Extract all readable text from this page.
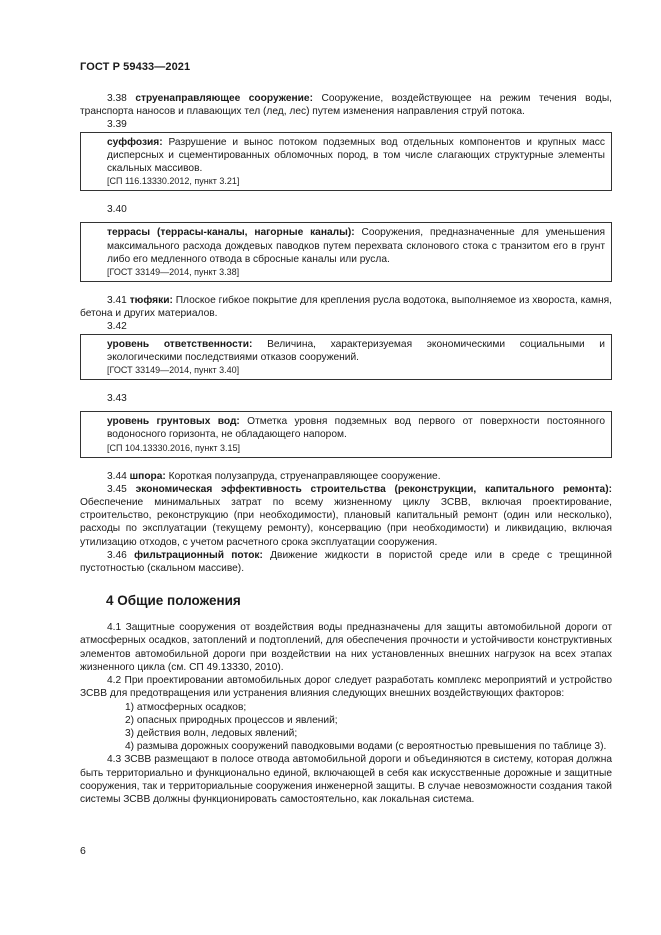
ГОСТ Р 59433—2021

3.38 струенаправляющее сооружение: Сооружение, воздействующее на режим течения воды, транспорта наносов и плавающих тел (лед, лес) путем изменения направления струй потока.

3.39

суффозия: Разрушение и вынос потоком подземных вод отдельных компонентов и крупных масс дисперсных и сцементированных обломочных пород, в том числе слагающих структурные элементы скальных массивов.

[СП 116.13330.2012, пункт 3.21]

3.40

террасы (террасы-каналы, нагорные каналы): Сооружения, предназначенные для уменьшения максимального расхода дождевых паводков путем перехвата склонового стока с транзитом его в грунт либо его медленного отвода в сбросные каналы или русла.

[ГОСТ 33149—2014, пункт 3.38]

3.41 тюфяки: Плоское гибкое покрытие для крепления русла водотока, выполняемое из хвороста, камня, бетона и других материалов.

3.42

уровень ответственности: Величина, характеризуемая экономическими социальными и экологическими последствиями отказов сооружений.

[ГОСТ 33149—2014, пункт 3.40]

3.43

уровень грунтовых вод: Отметка уровня подземных вод первого от поверхности постоянного водоносного горизонта, не обладающего напором.

[СП 104.13330.2016, пункт 3.15]

3.44 шпора: Короткая полузапруда, струенаправляющее сооружение.

3.45 экономическая эффективность строительства (реконструкции, капитального ремонта): Обеспечение минимальных затрат по всему жизненному циклу ЗСВВ, включая проектирование, строительство, реконструкцию (при необходимости), плановый капитальный ремонт (один или несколько), расходы по эксплуатации (текущему ремонту), консервацию (при необходимости) и ликвидацию, включая утилизацию отходов, с учетом расчетного срока эксплуатации сооружения.

3.46 фильтрационный поток: Движение жидкости в пористой среде или в среде с трещинной пустотностью (скальном массиве).

4 Общие положения

4.1 Защитные сооружения от воздействия воды предназначены для защиты автомобильной дороги от атмосферных осадков, затоплений и подтоплений, для обеспечения прочности и устойчивости конструктивных элементов автомобильной дороги при воздействии на них установленных внешних нагрузок на всех этапах жизненного цикла (см. СП 49.13330, 2010).

4.2 При проектировании автомобильных дорог следует разработать комплекс мероприятий и устройство ЗСВВ для предотвращения или устранения влияния следующих внешних воздействующих факторов:

1) атмосферных осадков;

2) опасных природных процессов и явлений;

3) действия волн, ледовых явлений;

4) размыва дорожных сооружений паводковыми водами (с вероятностью превышения по таблице 3).

4.3 ЗСВВ размещают в полосе отвода автомобильной дороги и объединяются в систему, которая должна быть территориально и функционально единой, включающей в себя как искусственные дорожные и защитные сооружения, так и территориальные сооружения инженерной защиты. В случае невозможности создания такой системы ЗСВВ должны функционировать самостоятельно, как локальная система.

6
